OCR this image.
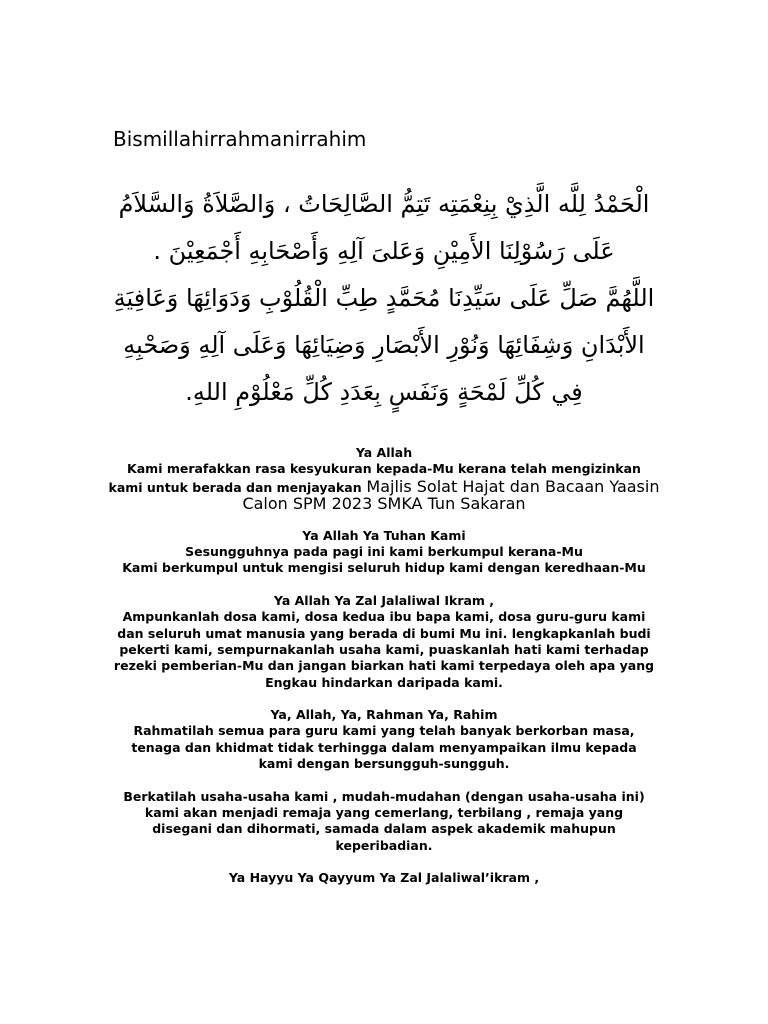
Bismillahirrahmanirrahim
الْحَمْدُ لِلَّه الَّذِيْ بِنِعْمَتِه تَتِمُّ الصَّالِحَاتُ ، وَالصَّلاَةُ وَالسَّلاَمُ
عَلَى رَسُوْلِنَا الأَمِيْنِ وَعَلىَ آلِهِ وَأَصْحَابِهِ أَجْمَعِيْنَ .
اللَّهُمَّ صَلِّ عَلَى سَيِّدِنَا مُحَمَّدٍ طِبِّ الْقُلُوْبِ وَدَوَائِهَا وَعَافِيَةِ
الأَبْدَانِ وَشِفَائِهَا وَنُوْرِ الأَبْصَارِ وَضِيَائِهَا وَعَلَى آلِهِ وَصَحْبِهِ
فِي كُلِّ لَمْحَةٍ وَنَفَسٍ بِعَدَدِ كُلِّ مَعْلُوْمِ اللهِ.
Ya Allah
Kami merafakkan rasa kesyukuran kepada-Mu kerana telah mengizinkan
kami untuk berada dan menjayakan Majlis Solat Hajat dan Bacaan Yaasin
Calon SPM 2023 SMKA Tun Sakaran
Ya Allah Ya Tuhan Kami
Sesungguhnya pada pagi ini kami berkumpul kerana-Mu
Kami berkumpul untuk mengisi seluruh hidup kami dengan keredhaan-Mu
Ya Allah Ya Zal Jalaliwal Ikram ,
Ampunkanlah dosa kami, dosa kedua ibu bapa kami, dosa guru-guru kami
dan seluruh umat manusia yang berada di bumi Mu ini. lengkapkanlah budi
pekerti kami, sempurnakanlah usaha kami, puaskanlah hati kami terhadap
rezeki pemberian-Mu dan jangan biarkan hati kami terpedaya oleh apa yang
Engkau hindarkan daripada kami.
Ya, Allah, Ya, Rahman Ya, Rahim
Rahmatilah semua para guru kami yang telah banyak berkorban masa,
tenaga dan khidmat tidak terhingga dalam menyampaikan ilmu kepada
kami dengan bersungguh-sungguh.
Berkatilah usaha-usaha kami , mudah-mudahan (dengan usaha-usaha ini)
kami akan menjadi remaja yang cemerlang, terbilang , remaja yang
disegani dan dihormati, samada dalam aspek akademik mahupun
keperibadian.
Ya Hayyu Ya Qayyum Ya Zal Jalaliwal’ikram ,
